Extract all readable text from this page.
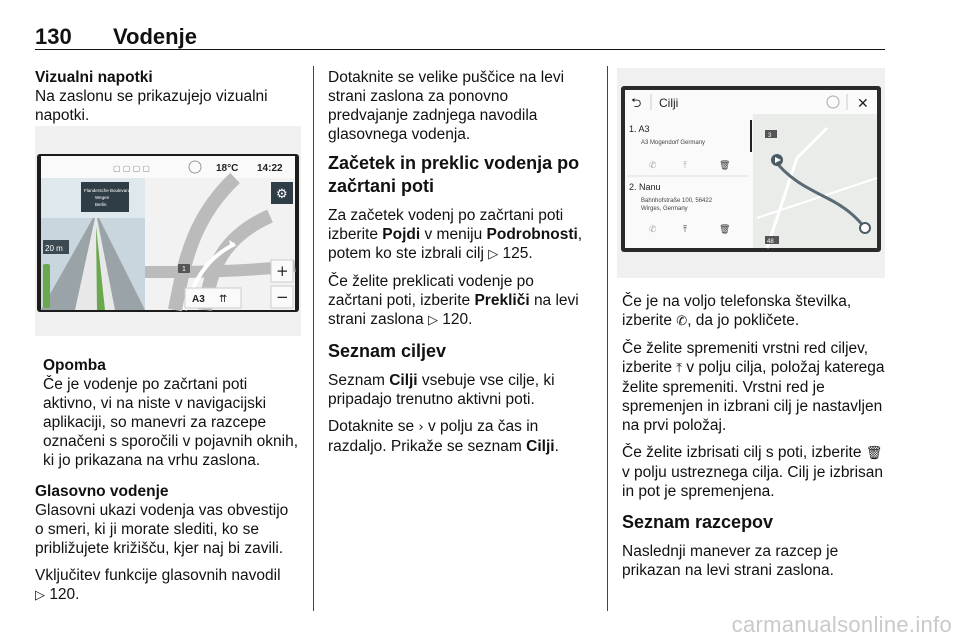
130 Vodenje
Vizualni napotki

Na zaslonu se prikazujejo vizualni napotki.

▢ ▢ ▢ ▢	18°C 14:22
20 m
Flandersche Boulevard
Wegen
Berlin
1
⚙
+
−
A3 ⇈
Opomba

Če je vodenje po začrtani poti aktivno, vi na niste v navigacijski aplikaciji, so manevri za razcepe označeni s sporočili v pojavnih oknih, ki jo prikazana na vrhu zaslona.

Glasovno vodenje

Glasovni ukazi vodenja vas obvestijo o smeri, ki ji morate slediti, ko se približujete križišču, kjer naj bi zavili.

Vključitev funkcije glasovnih navodil
▷ 120.

Dotaknite se velike puščice na levi strani zaslona za ponovno predvajanje zadnjega navodila glasovnega vodenja.

Začetek in preklic vodenja po začrtani poti

Za začetek vodenj po začrtani poti izberite Pojdi v meniju Podrobnosti, potem ko ste izbrali cilj ▷ 125.

Če želite preklicati vodenje po začrtani poti, izberite Prekliči na levi strani zaslona ▷ 120.

Seznam ciljev

Seznam Cilji vsebuje vse cilje, ki pripadajo trenutno aktivni poti.

Dotaknite se › v polju za čas in razdaljo. Prikaže se seznam Cilji.

⮌ Cilji	✕
1. A3
A3 Mogendorf Germany
✆	⤒	🗑
2. Nanu
Bahnhofstraße 100, 56422
Wirges, Germany
✆	⤒	🗑
3
48

Če je na voljo telefonska številka, izberite ✆, da jo pokličete.

Če želite spremeniti vrstni red ciljev, izberite ⤒ v polju cilja, položaj katerega želite spremeniti. Vrstni red je spremenjen in izbrani cilj je nastavljen na prvi položaj.

Če želite izbrisati cilj s poti, izberite 🗑 v polju ustreznega cilja. Cilj je izbrisan in pot je spremenjena.

Seznam razcepov

Naslednji manever za razcep je prikazan na levi strani zaslona.

carmanualsonline.info
